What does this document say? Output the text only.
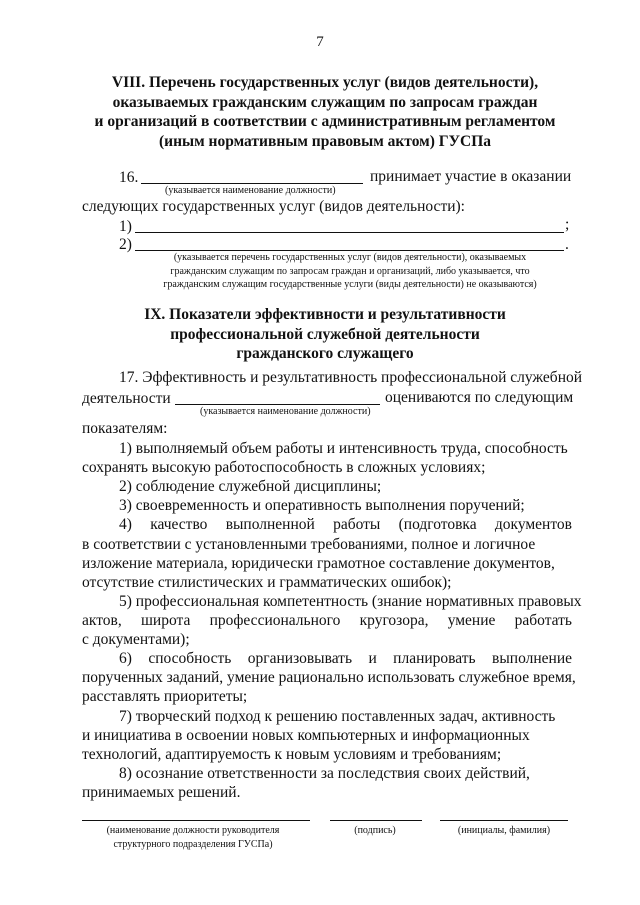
7
VIII. Перечень государственных услуг (видов деятельности),
оказываемых гражданским служащим по запросам граждан
и организаций в соответствии с административным регламентом
(иным нормативным правовым актом) ГУСПа
16.	принимает участие в оказании
(указывается наименование должности)
следующих государственных услуг (видов деятельности):
1)	;
2)	.
(указывается перечень государственных услуг (видов деятельности), оказываемых
гражданским служащим по запросам граждан и организаций, либо указывается, что
гражданским служащим государственные услуги (виды деятельности) не оказываются)
IX. Показатели эффективности и результативности
профессиональной служебной деятельности
гражданского служащего
17. Эффективность и результативность профессиональной служебной
деятельности	оцениваются по следующим
(указывается наименование должности)
показателям:
1) выполняемый объем работы и интенсивность труда, способность
сохранять высокую работоспособность в сложных условиях;
2) соблюдение служебной дисциплины;
3) своевременность и оперативность выполнения поручений;
4)    качество    выполненной    работы    (подготовка    документов
в соответствии с установленными требованиями, полное и логичное
изложение материала, юридически грамотное составление документов,
отсутствие стилистических и грамматических ошибок);
5) профессиональная компетентность (знание нормативных правовых
актов,    широта    профессионального    кругозора,    умение    работать
с документами);
6)    способность    организовывать    и    планировать    выполнение
порученных заданий, умение рационально использовать служебное время,
расставлять приоритеты;
7) творческий подход к решению поставленных задач, активность
и инициатива в освоении новых компьютерных и информационных
технологий, адаптируемость к новым условиям и требованиям;
8) осознание ответственности за последствия своих действий,
принимаемых решений.
(наименование должности руководителя структурного подразделения ГУСПа)
(подпись)	(инициалы, фамилия)
